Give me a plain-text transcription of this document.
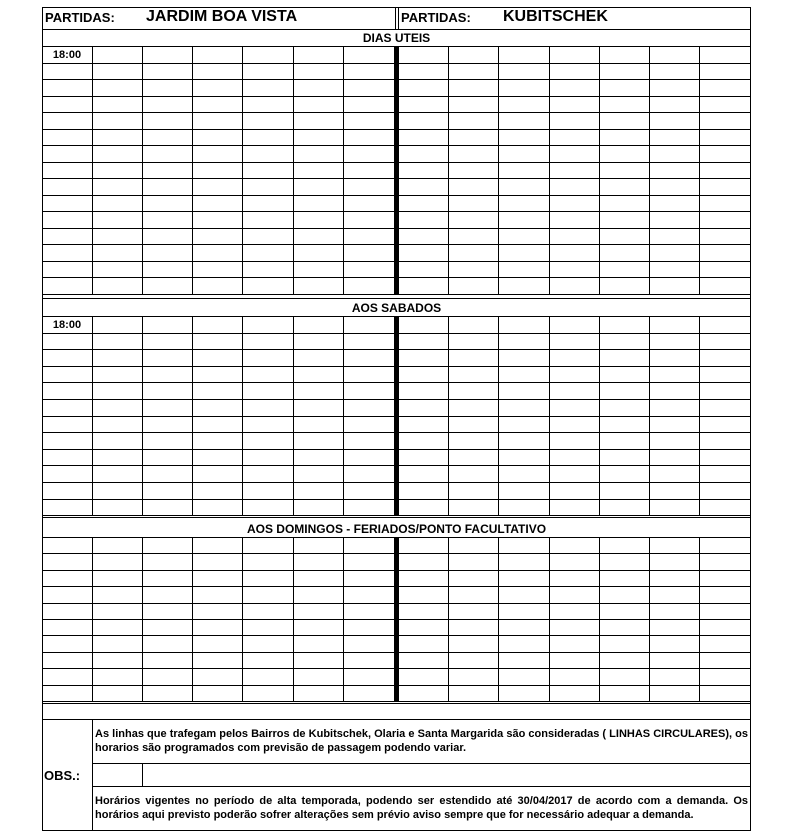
PARTIDAS: JARDIM BOA VISTA	PARTIDAS: KUBITSCHEK
DIAS UTEIS
18:00
AOS SABADOS
18:00
AOS DOMINGOS - FERIADOS/PONTO FACULTATIVO
OBS.:
As linhas que trafegam pelos Bairros de Kubitschek, Olaria e Santa Margarida são consideradas ( LINHAS CIRCULARES), os horarios são programados com previsão de passagem podendo variar.
Horários vigentes no período de alta temporada, podendo ser estendido até 30/04/2017 de acordo com a demanda. Os horários aqui previsto poderão sofrer alterações sem prévio aviso sempre que for necessário adequar a demanda.
